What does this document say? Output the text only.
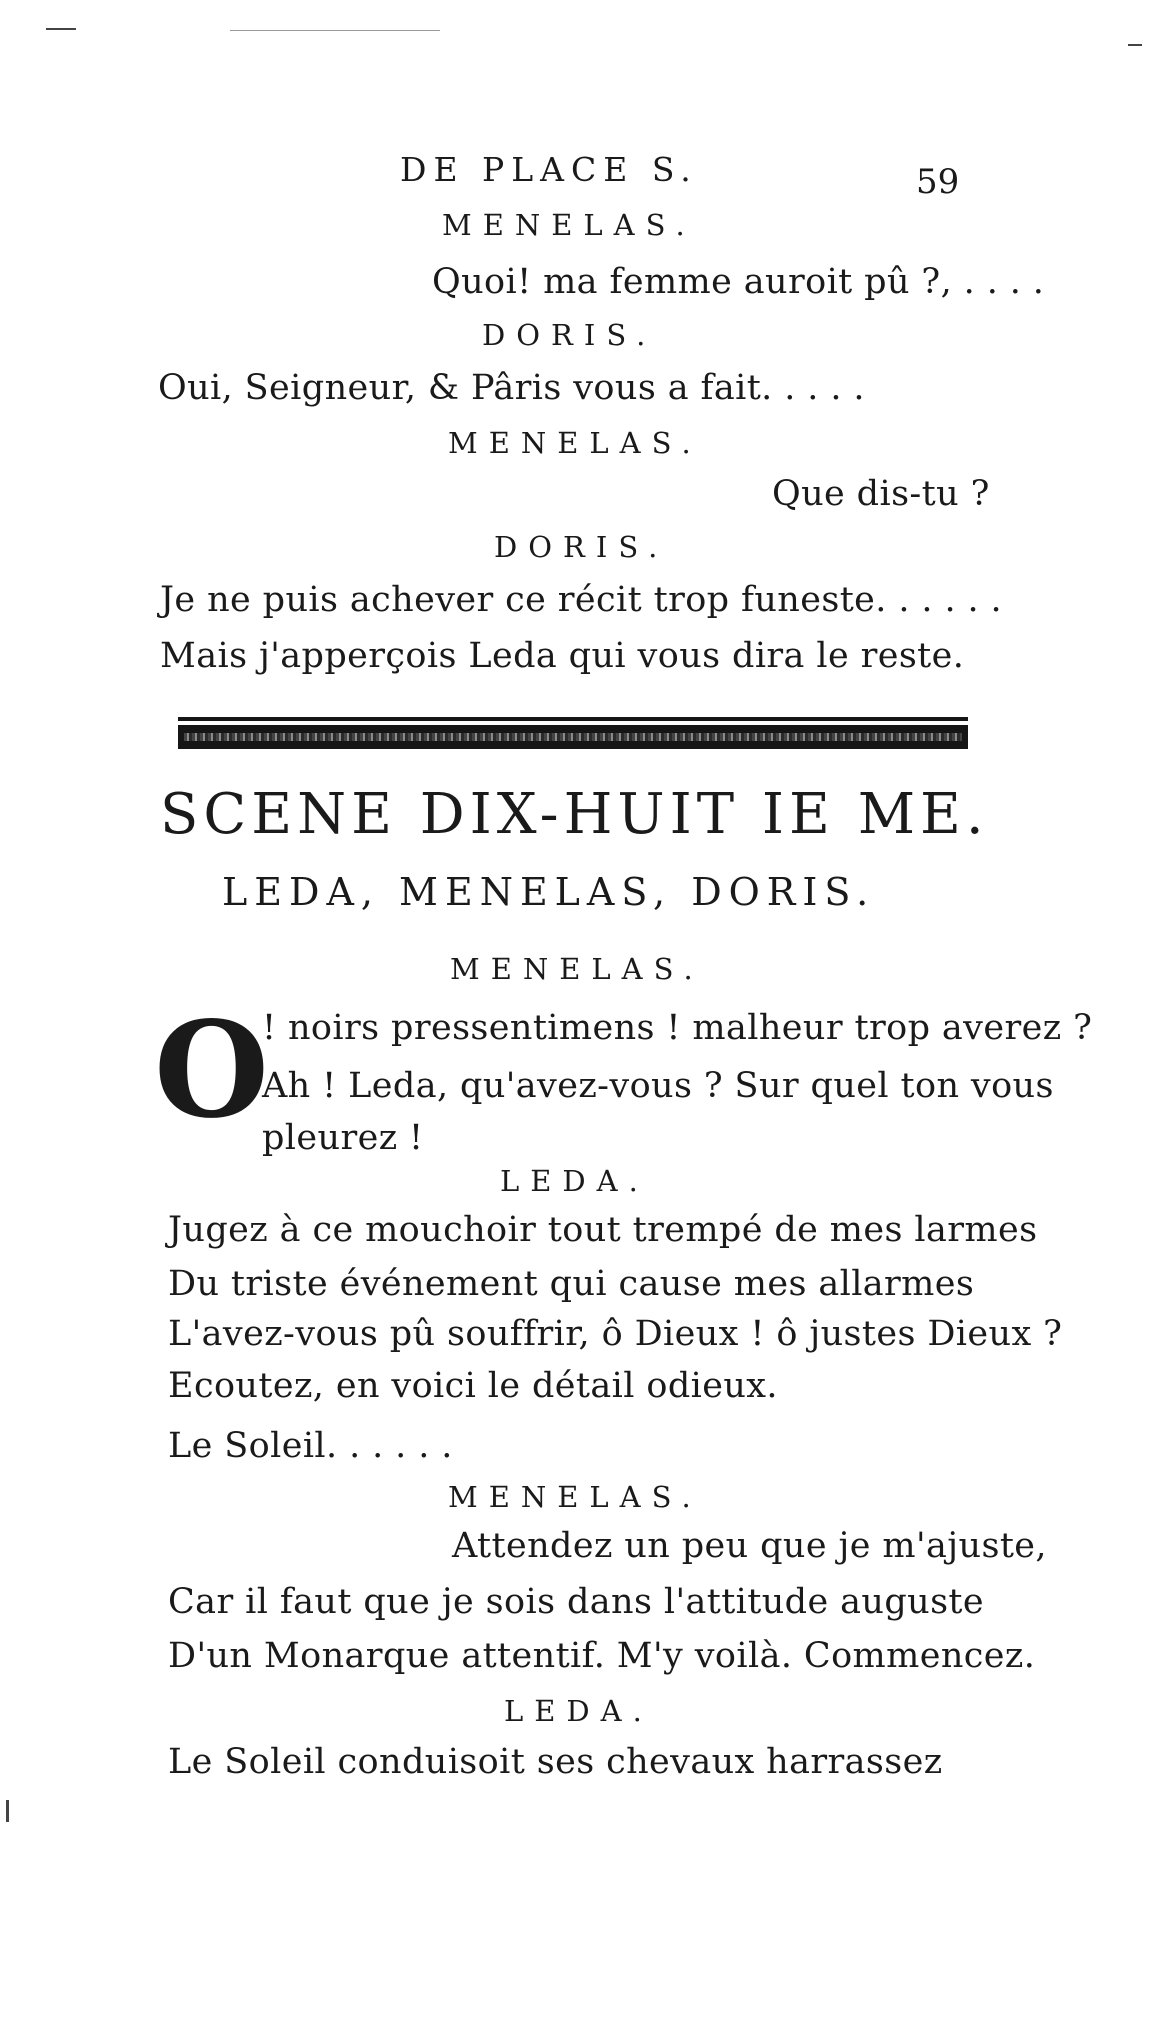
DE PLACE S.	59
MENELAS.
Quoi! ma femme auroit pû ?, . . . .
DORIS.
Oui, Seigneur, & Pâris vous a fait. . . . .
MENELAS.
Que dis-tu ?
DORIS.
Je ne puis achever ce récit trop funeste. . . . . .
Mais j'apperçois Leda qui vous dira le reste.
SCENE DIX-HUIT IE ME.
LEDA, MENELAS, DORIS.
MENELAS.
O
! noirs pressentimens ! malheur trop averez ?
Ah ! Leda, qu'avez-vous ? Sur quel ton vous
pleurez !
LEDA.
Jugez à ce mouchoir tout trempé de mes larmes
Du triste événement qui cause mes allarmes
L'avez-vous pû souffrir, ô Dieux ! ô justes Dieux ?
Ecoutez, en voici le détail odieux.
Le Soleil. . . . . .
MENELAS.
Attendez un peu que je m'ajuste,
Car il faut que je sois dans l'attitude auguste
D'un Monarque attentif. M'y voilà. Commencez.
LEDA.
Le Soleil conduisoit ses chevaux harrassez
